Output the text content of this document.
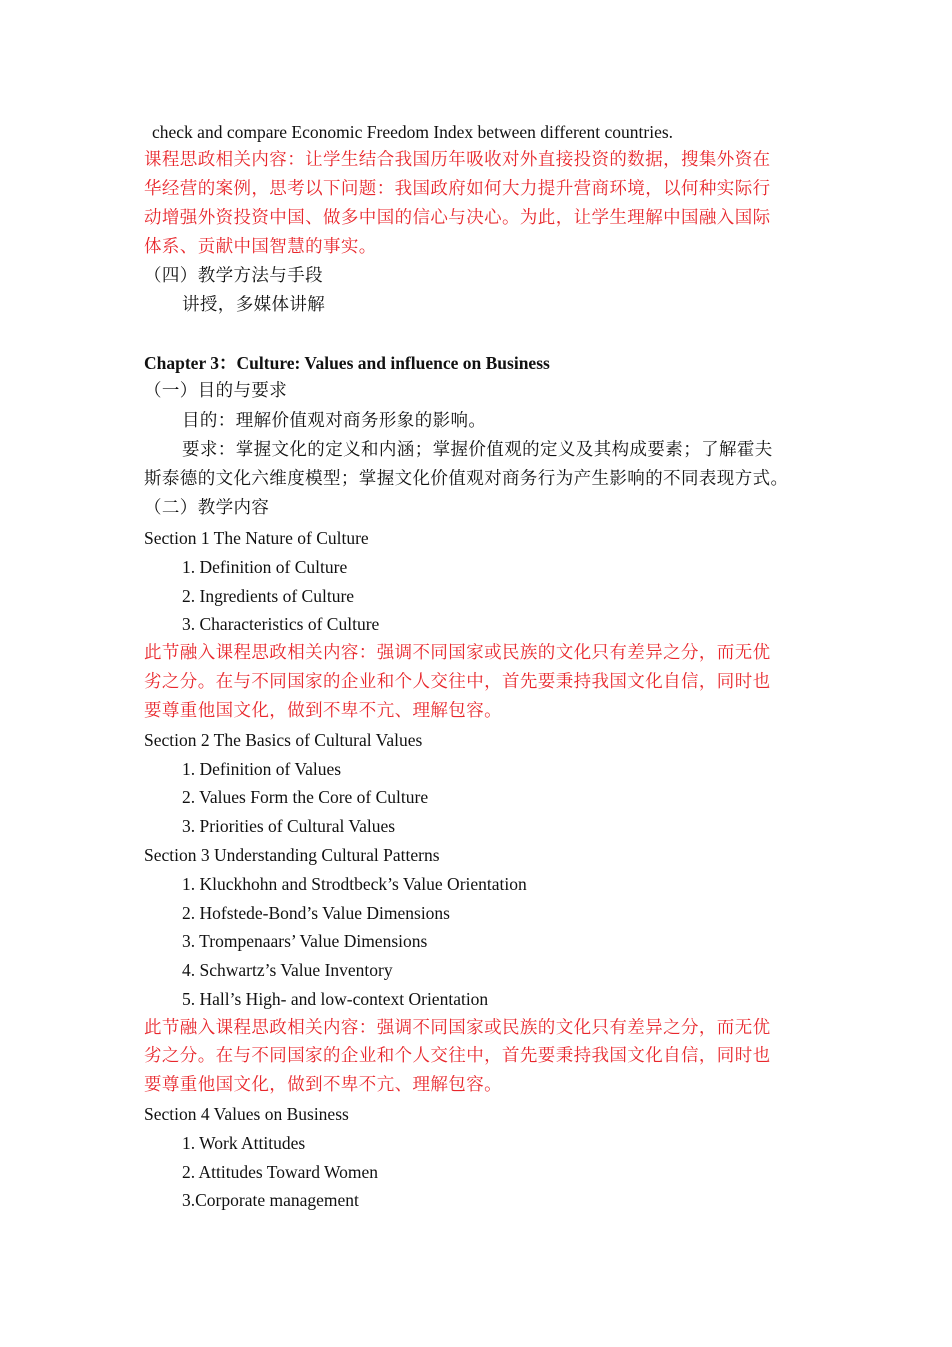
check and compare Economic Freedom Index between different countries.
课程思政相关内容：让学生结合我国历年吸收对外直接投资的数据，搜集外资在
华经营的案例，思考以下问题：我国政府如何大力提升营商环境，以何种实际行
动增强外资投资中国、做多中国的信心与决心。为此，让学生理解中国融入国际
体系、贡献中国智慧的事实。
（四）教学方法与手段
讲授，多媒体讲解
Chapter 3：Culture: Values and influence on Business
（一）目的与要求
目的：理解价值观对商务形象的影响。
要求：掌握文化的定义和内涵；掌握价值观的定义及其构成要素；了解霍夫
斯泰德的文化六维度模型；掌握文化价值观对商务行为产生影响的不同表现方式。
（二）教学内容
Section 1 The Nature of Culture
1. Definition of Culture
2. Ingredients of Culture
3. Characteristics of Culture
此节融入课程思政相关内容：强调不同国家或民族的文化只有差异之分，而无优
劣之分。在与不同国家的企业和个人交往中，首先要秉持我国文化自信，同时也
要尊重他国文化，做到不卑不亢、理解包容。
Section 2 The Basics of Cultural Values
1. Definition of Values
2. Values Form the Core of Culture
3. Priorities of Cultural Values
Section 3 Understanding Cultural Patterns
1. Kluckhohn and Strodtbeck’s Value Orientation
2. Hofstede-Bond’s Value Dimensions
3. Trompenaars’ Value Dimensions
4. Schwartz’s Value Inventory
5. Hall’s High- and low-context Orientation
此节融入课程思政相关内容：强调不同国家或民族的文化只有差异之分，而无优
劣之分。在与不同国家的企业和个人交往中，首先要秉持我国文化自信，同时也
要尊重他国文化，做到不卑不亢、理解包容。
Section 4 Values on Business
1. Work Attitudes
2. Attitudes Toward Women
3.Corporate management
